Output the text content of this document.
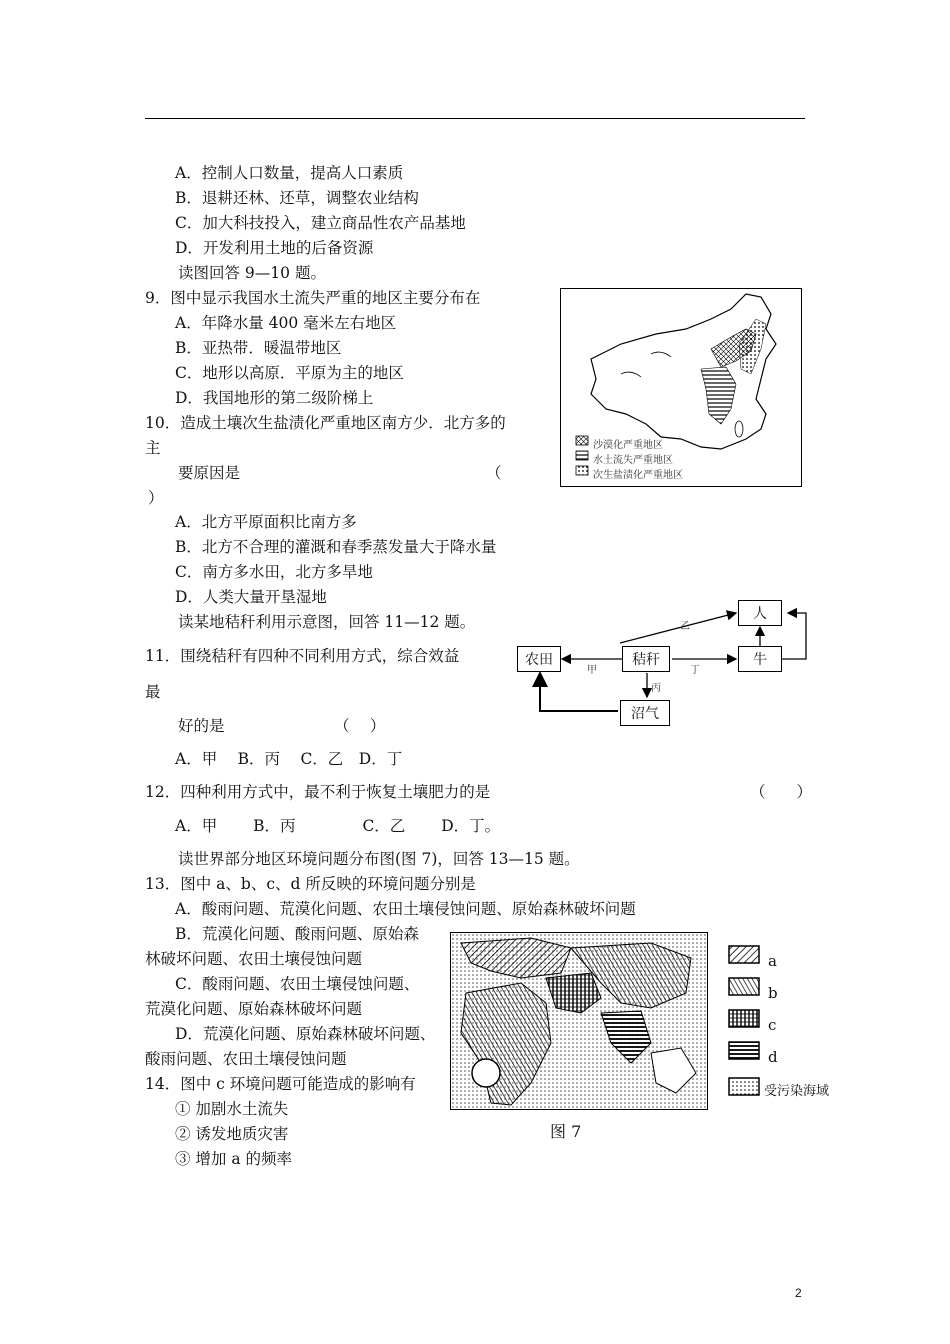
A．控制人口数量，提高人口素质
B．退耕还林、还草，调整农业结构
C．加大科技投入，建立商品性农产品基地
D．开发利用土地的后备资源
读图回答 9—10 题。
9．图中显示我国水土流失严重的地区主要分布在
A．年降水量 400 毫米左右地区
B．亚热带．暖温带地区
C．地形以高原．平原为主的地区
D．我国地形的第二级阶梯上
10．造成土壤次生盐渍化严重地区南方少．北方多的
主
要原因是	（
）
A．北方平原面积比南方多
B．北方不合理的灌溉和春季蒸发量大于降水量
C．南方多水田，北方多旱地
D．人类大量开垦湿地
读某地秸秆利用示意图，回答 11—12 题。
11．围绕秸秆有四种不同利用方式，综合效益
最
好的是	（　 ）
A．甲　 B．丙　 C．乙　D．丁
12．四种利用方式中，最不利于恢复土壤肥力的是	（　　）
A．甲　　 B．丙　　　　 C．乙　　 D．丁。
读世界部分地区环境问题分布图(图 7)，回答 13—15 题。
13．图中 a、b、c、d 所反映的环境问题分别是
A．酸雨问题、荒漠化问题、农田土壤侵蚀问题、原始森林破坏问题
B．荒漠化问题、酸雨问题、原始森
林破坏问题、农田土壤侵蚀问题
C．酸雨问题、农田土壤侵蚀问题、
荒漠化问题、原始森林破坏问题
D．荒漠化问题、原始森林破坏问题、
酸雨问题、农田土壤侵蚀问题
14．图中 c 环境问题可能造成的影响有
① 加剧水土流失
② 诱发地质灾害
③ 增加 a 的频率
沙漠化严重地区
水土流失严重地区
次生盐渍化严重地区
人
农田	秸秆	牛
沼气
甲
乙
丙
丁
a
b
c
d
受污染海域
图 7
2
